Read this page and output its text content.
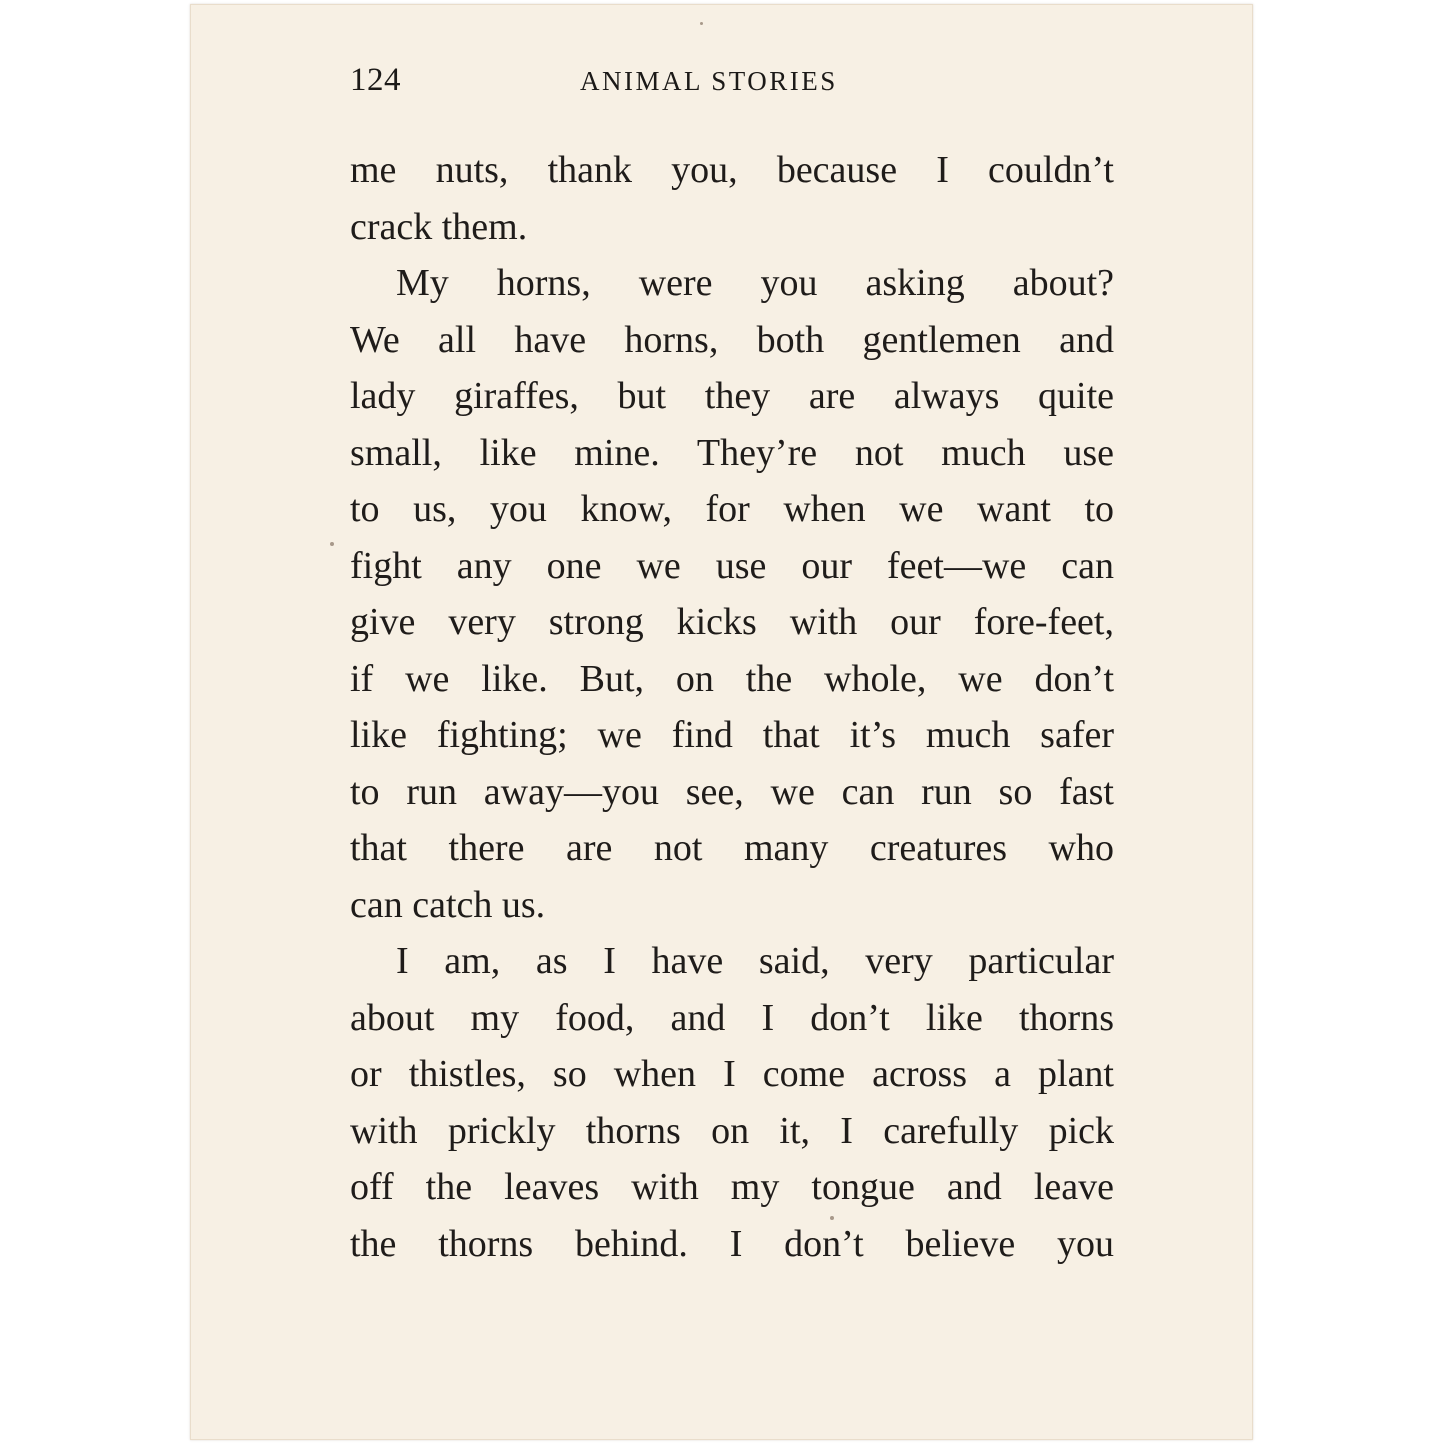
124	ANIMAL STORIES
me nuts, thank you, because I couldn’t
crack them.
My horns, were you asking about?
We all have horns, both gentlemen and
lady giraffes, but they are always quite
small, like mine. They’re not much use
to us, you know, for when we want to
fight any one we use our feet—we can
give very strong kicks with our fore-feet,
if we like. But, on the whole, we don’t
like fighting; we find that it’s much safer
to run away—you see, we can run so fast
that there are not many creatures who
can catch us.
I am, as I have said, very particular
about my food, and I don’t like thorns
or thistles, so when I come across a plant
with prickly thorns on it, I carefully pick
off the leaves with my tongue and leave
the thorns behind. I don’t believe you
